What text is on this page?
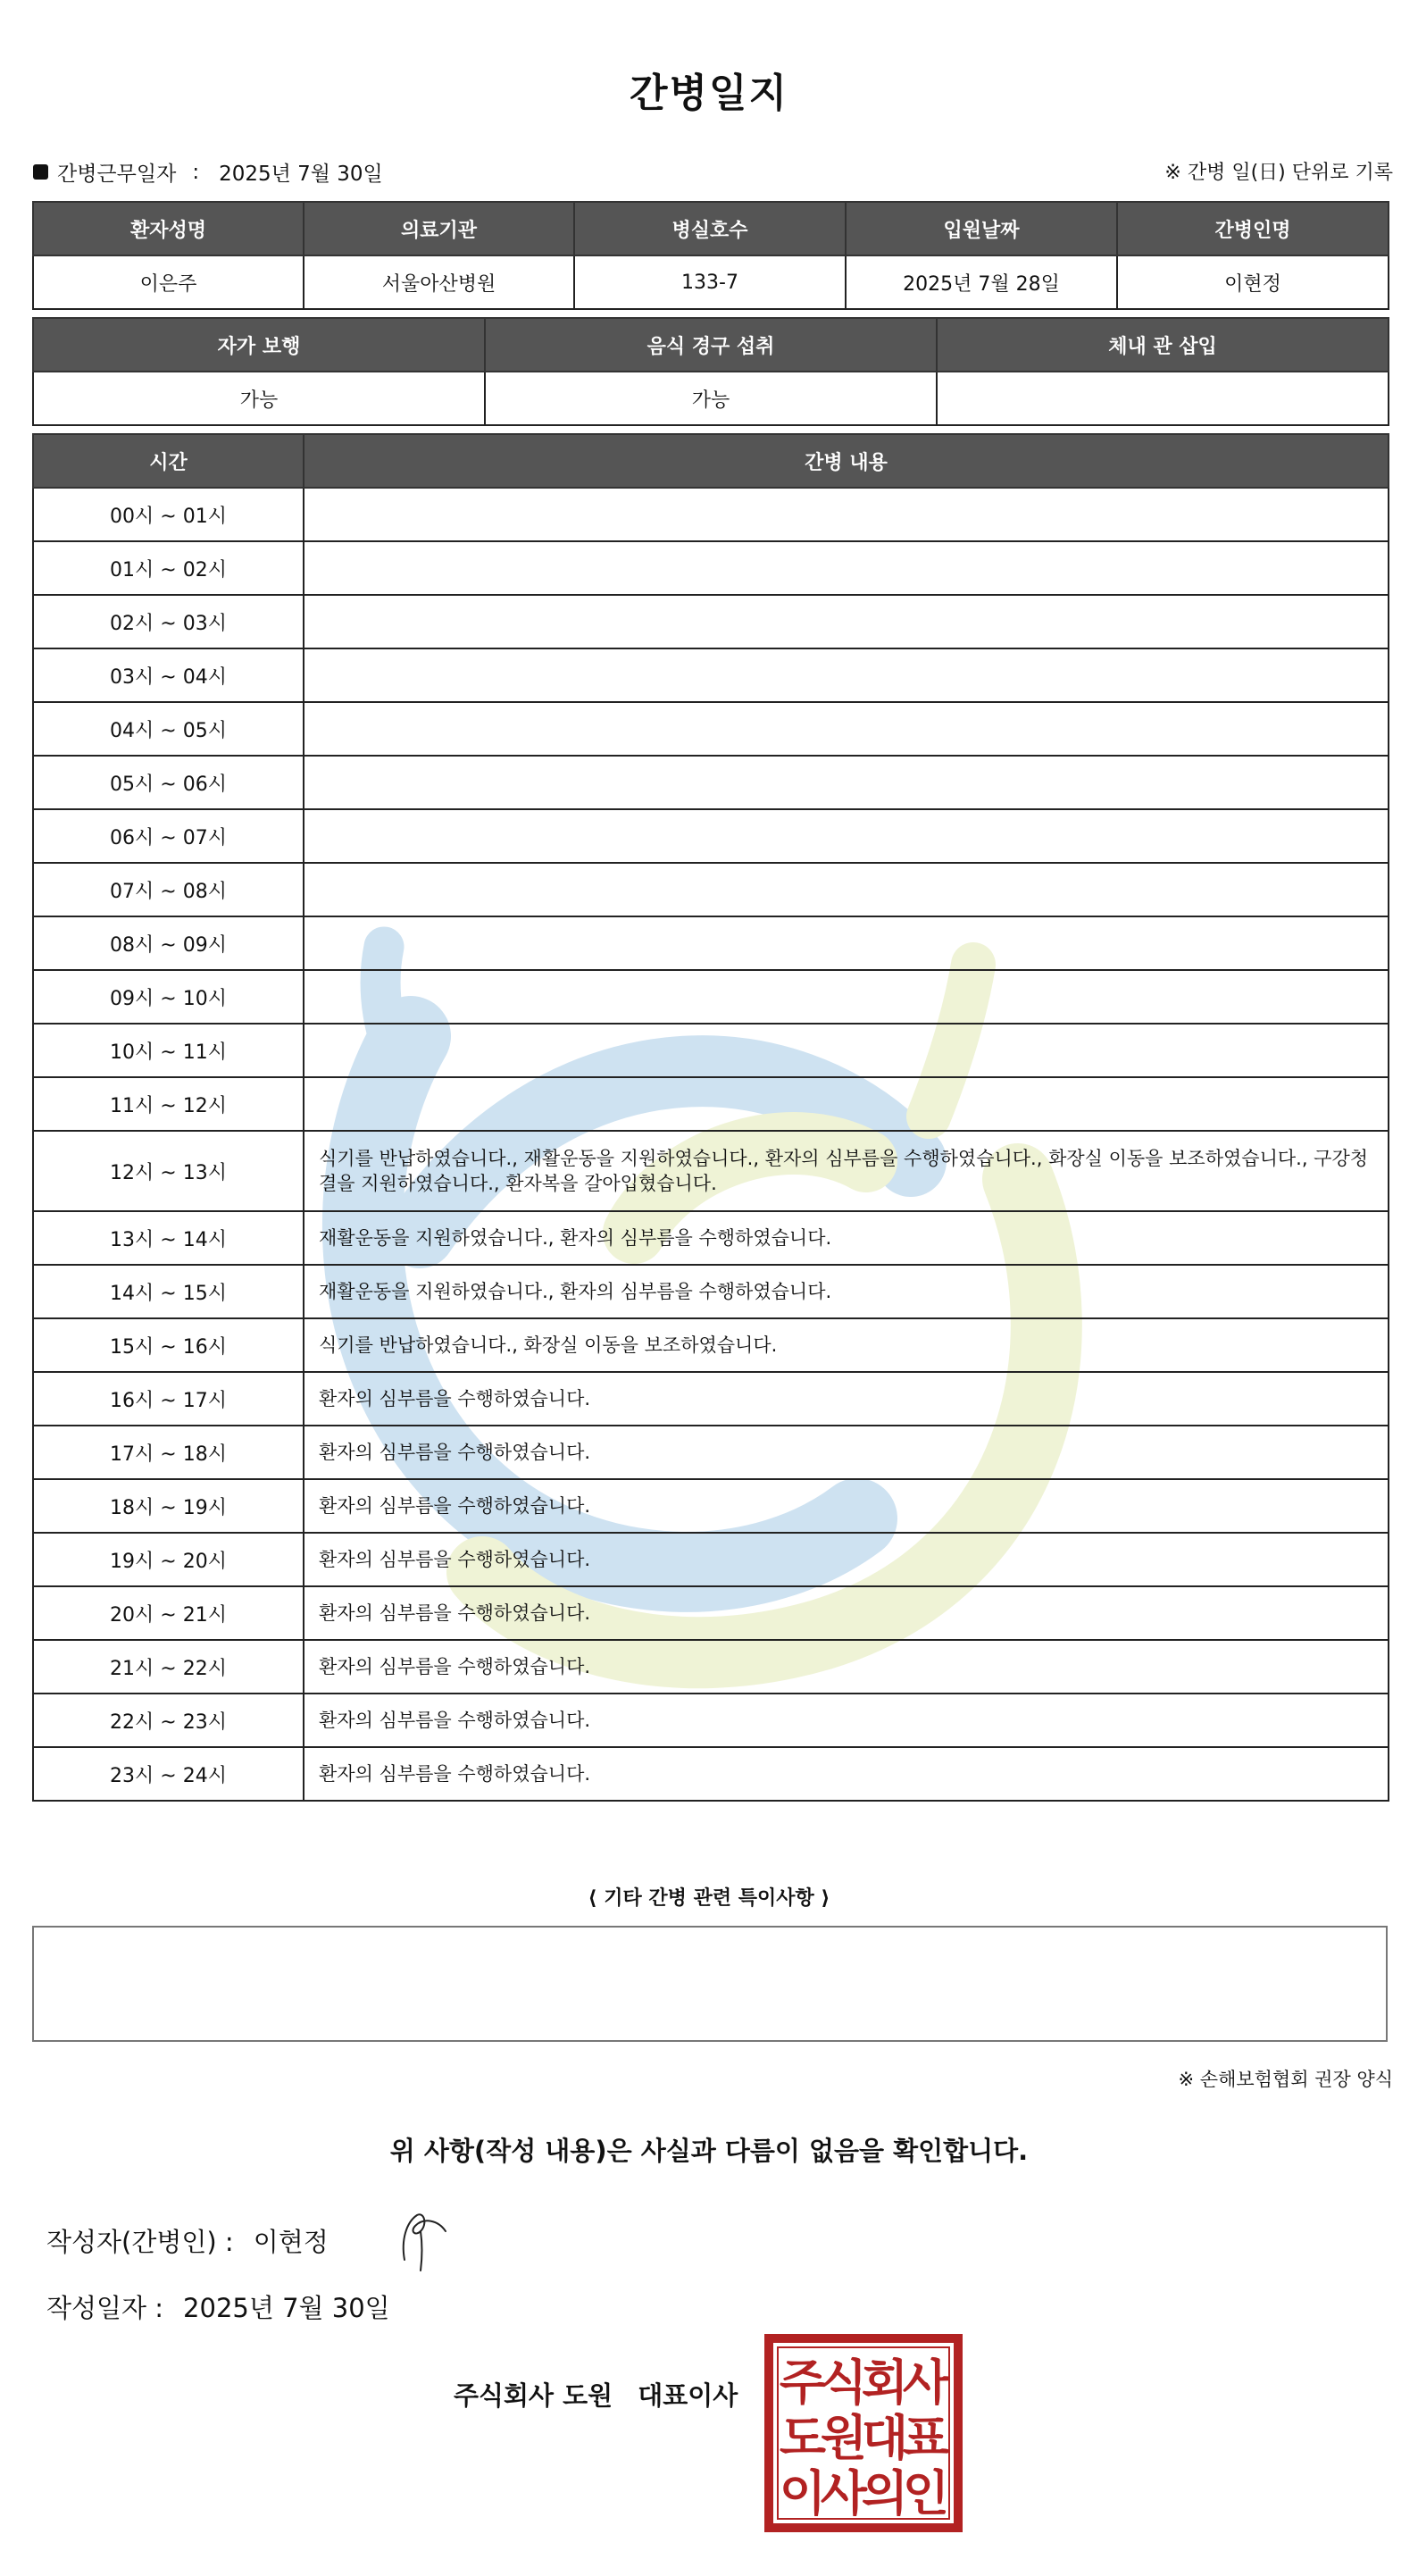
간병일지
간병근무일자 : 2025년 7월 30일	※ 간병 일(日) 단위로 기록
환자성명	의료기관	병실호수	입원날짜	간병인명
이은주	서울아산병원	133-7	2025년 7월 28일	이현정
자가 보행	음식 경구 섭취	체내 관 삽입
가능	가능	
시간	간병 내용
00시 ~ 01시	
01시 ~ 02시	
02시 ~ 03시	
03시 ~ 04시	
04시 ~ 05시	
05시 ~ 06시	
06시 ~ 07시	
07시 ~ 08시	
08시 ~ 09시	
09시 ~ 10시	
10시 ~ 11시	
11시 ~ 12시	
12시 ~ 13시	식기를 반납하였습니다., 재활운동을 지원하였습니다., 환자의 심부름을 수행하였습니다., 화장실 이동을 보조하였습니다., 구강청결을 지원하였습니다., 환자복을 갈아입혔습니다.
13시 ~ 14시	재활운동을 지원하였습니다., 환자의 심부름을 수행하였습니다.
14시 ~ 15시	재활운동을 지원하였습니다., 환자의 심부름을 수행하였습니다.
15시 ~ 16시	식기를 반납하였습니다., 화장실 이동을 보조하였습니다.
16시 ~ 17시	환자의 심부름을 수행하였습니다.
17시 ~ 18시	환자의 심부름을 수행하였습니다.
18시 ~ 19시	환자의 심부름을 수행하였습니다.
19시 ~ 20시	환자의 심부름을 수행하였습니다.
20시 ~ 21시	환자의 심부름을 수행하였습니다.
21시 ~ 22시	환자의 심부름을 수행하였습니다.
22시 ~ 23시	환자의 심부름을 수행하였습니다.
23시 ~ 24시	환자의 심부름을 수행하였습니다.
⟨ 기타 간병 관련 특이사항 ⟩
※ 손해보험협회 권장 양식
위 사항(작성 내용)은 사실과 다름이 없음을 확인합니다.
작성자(간병인) : 이현정
작성일자 : 2025년 7월 30일
주식회사 도원 대표이사 주
식
회
사
도
원
대
표
이
사
의
인
